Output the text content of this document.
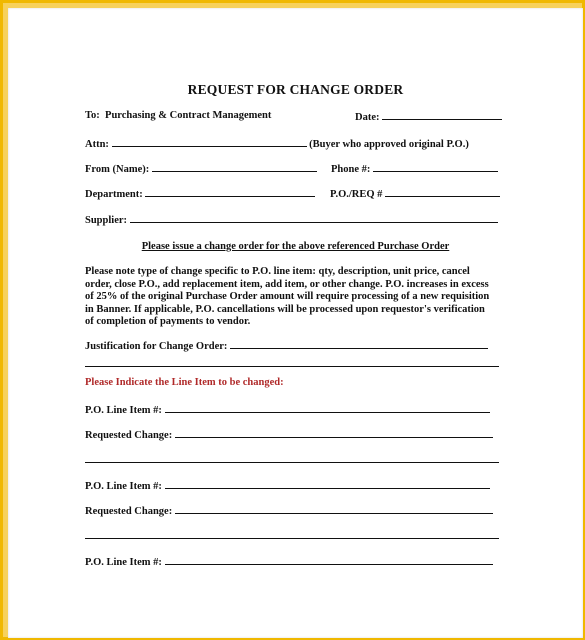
REQUEST FOR CHANGE ORDER
To: Purchasing & Contract Management	Date:
Attn:	(Buyer who approved original P.O.)
From (Name):	Phone #:
Department:	P.O./REQ #
Supplier:
Please issue a change order for the above referenced Purchase Order
Please note type of change specific to P.O. line item: qty, description, unit price, cancel
order, close P.O., add replacement item, add item, or other change. P.O. increases in excess
of 25% of the original Purchase Order amount will require processing of a new requisition
in Banner. If applicable, P.O. cancellations will be processed upon requestor's verification
of completion of payments to vendor.
Justification for Change Order:
Please Indicate the Line Item to be changed:
P.O. Line Item #:
Requested Change:
P.O. Line Item #:
Requested Change:
P.O. Line Item #:
